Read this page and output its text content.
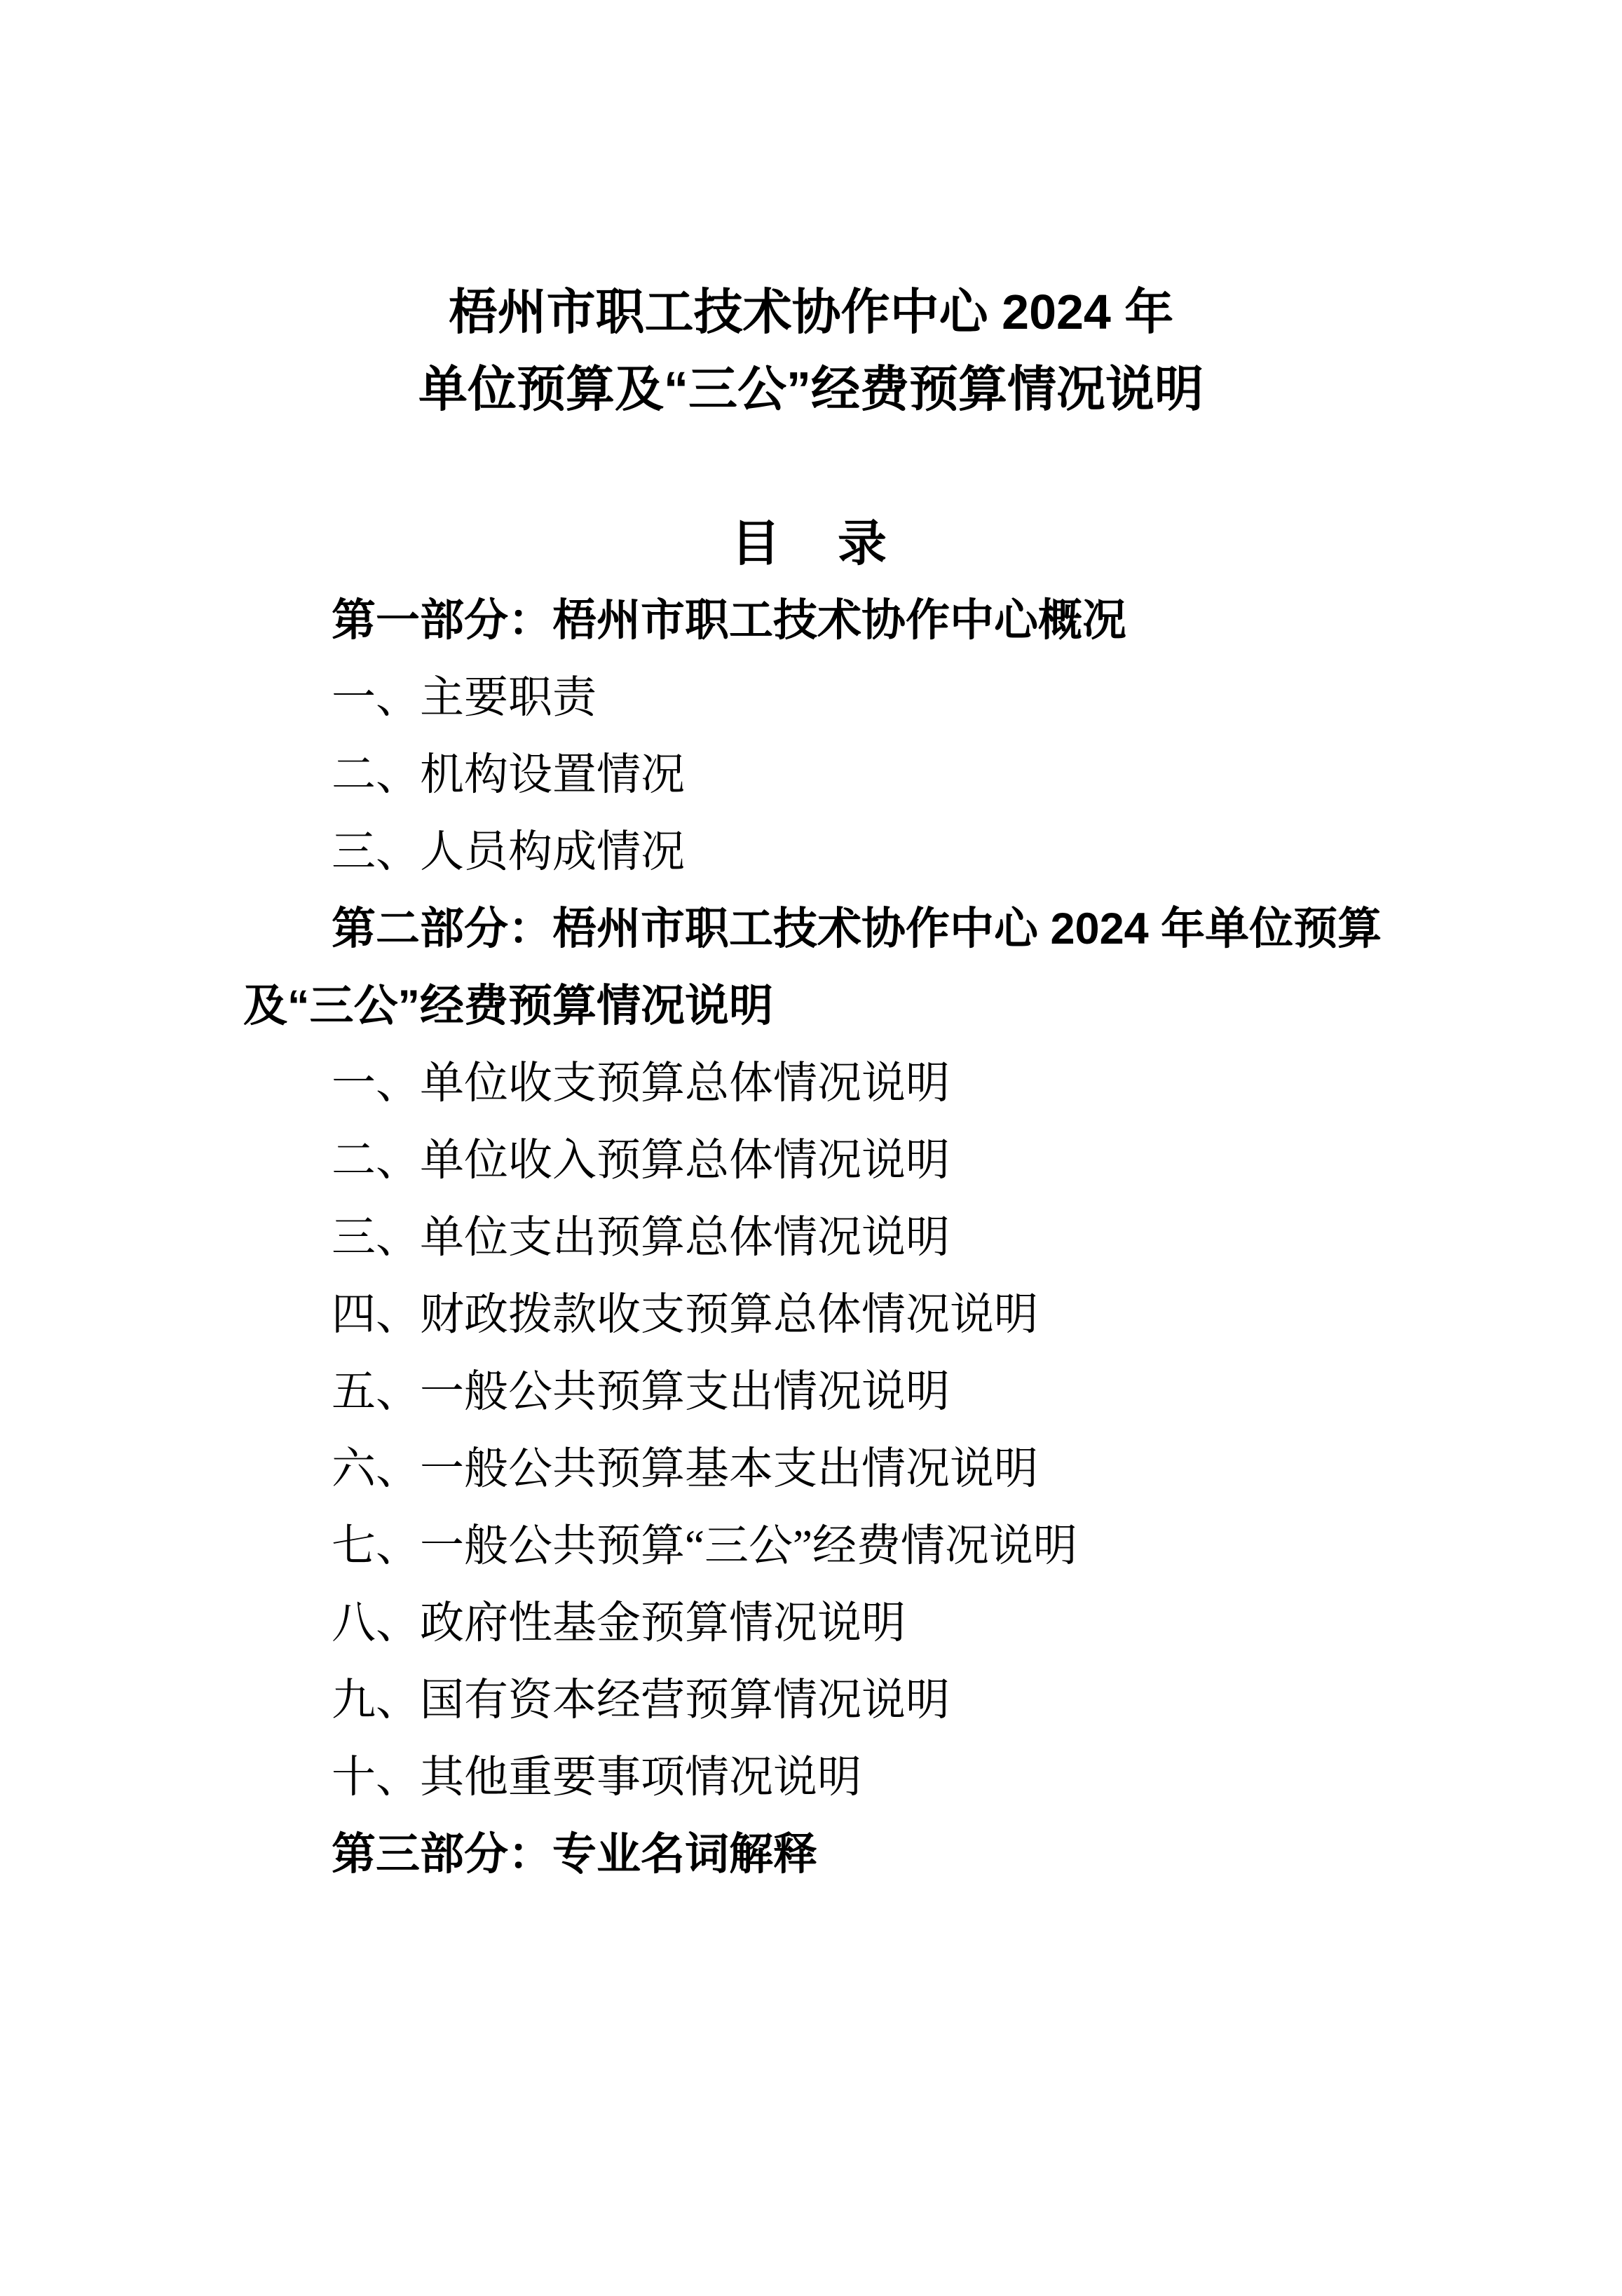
梧州市职工技术协作中心 2024 年
单位预算及“三公”经费预算情况说明
目　录
第一部分：梧州市职工技术协作中心概况
一、主要职责
二、机构设置情况
三、人员构成情况
第二部分：梧州市职工技术协作中心 2024 年单位预算
及“三公”经费预算情况说明
一、单位收支预算总体情况说明
二、单位收入预算总体情况说明
三、单位支出预算总体情况说明
四、财政拨款收支预算总体情况说明
五、一般公共预算支出情况说明
六、一般公共预算基本支出情况说明
七、一般公共预算“三公”经费情况说明
八、政府性基金预算情况说明
九、国有资本经营预算情况说明
十、其他重要事项情况说明
第三部分：专业名词解释
